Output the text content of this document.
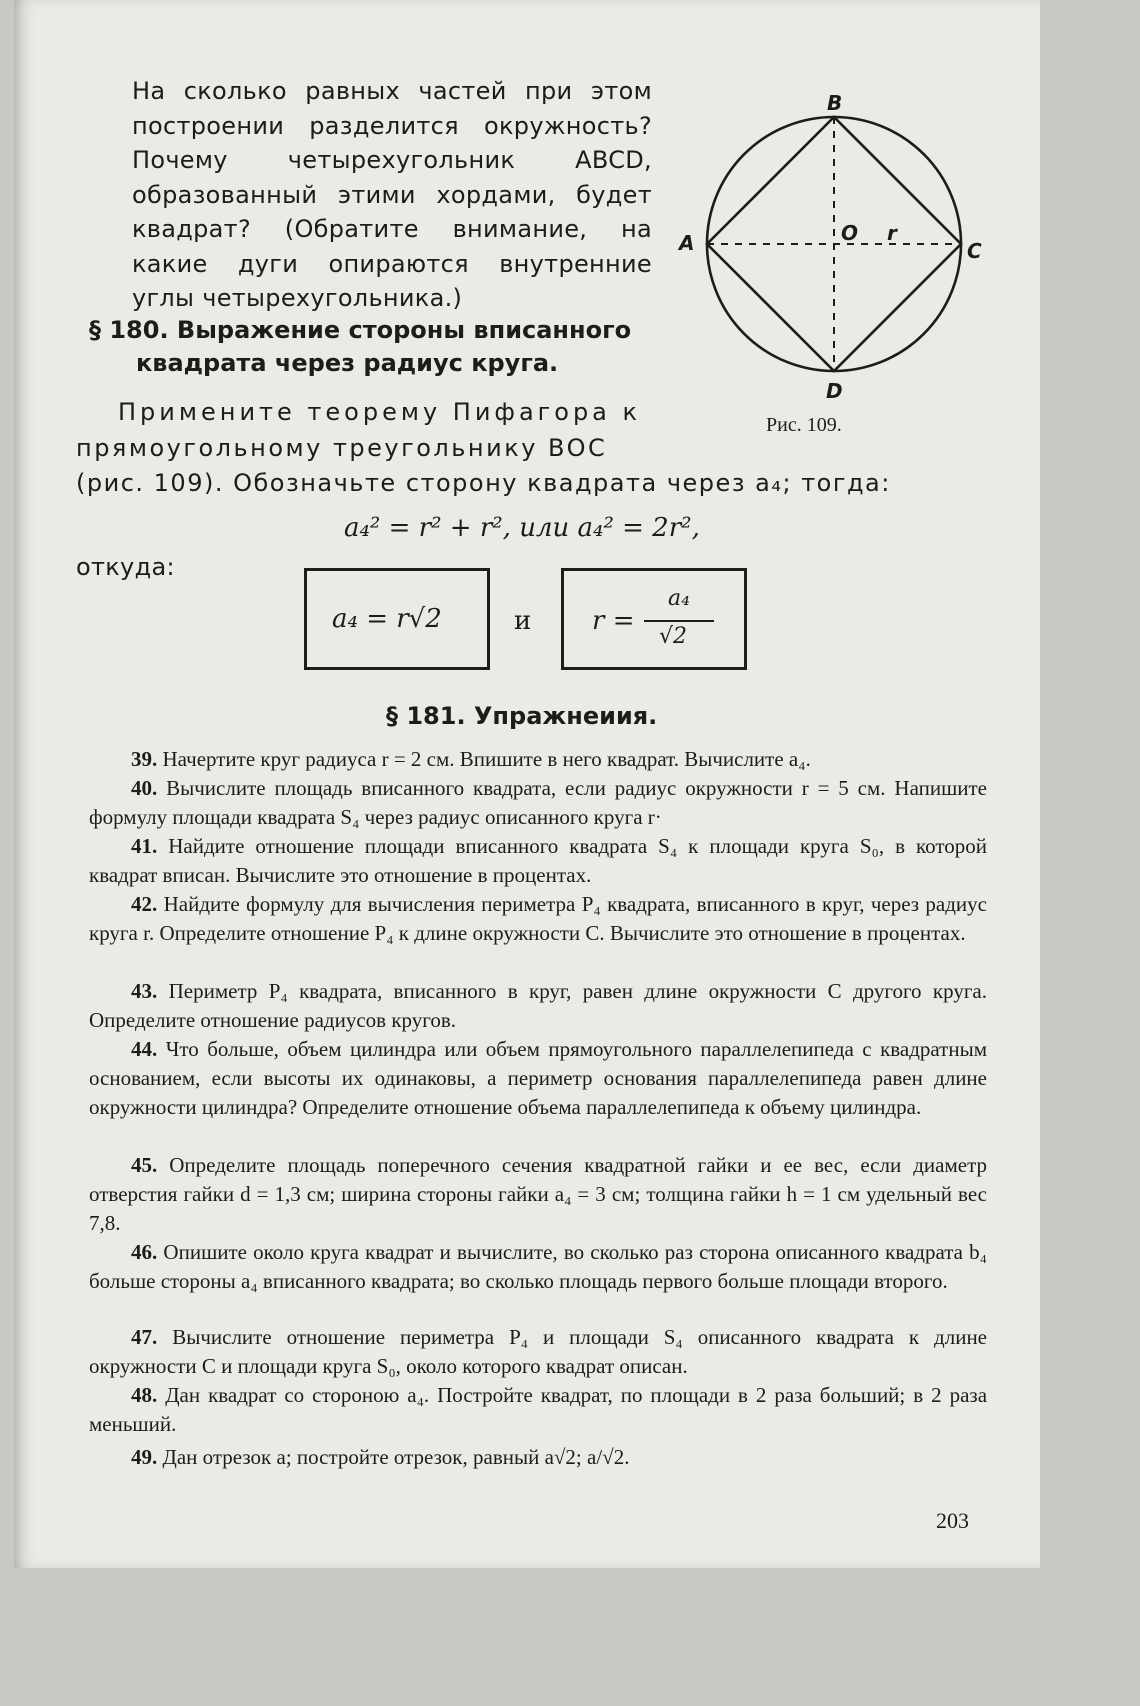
На сколько равных частей при этом построении разделится окружность? Почему четырехугольник ABCD, образованный этими хордами, будет квадрат? (Обратите внимание, на какие дуги опираются внутренние углы четырехугольника.)
B
A	C
D
O r
Рис. 109.
§ 180. Выражение стороны вписанного
квадрата через радиус круга.
Примените теорему Пифагора к
прямоугольному треугольнику BOC
(рис. 109). Обозначьте сторону квадрата через a₄; тогда:
a₄² = r² + r², или a₄² = 2r²,
откуда:
a₄ = r√2	и r =
a₄
√2
§ 181. Упражнеиия.
39. Начертите круг радиуса r = 2 см. Впишите в него квадрат. Вычислите a₄.
40. Вычислите площадь вписанного квадрата, если радиус окружности r = 5 см. Напишите формулу площади квадрата S₄ через радиус описанного круга r·
41. Найдите отношение площади вписанного квадрата S₄ к площади круга S₀, в которой квадрат вписан. Вычислите это отношение в процентах.
42. Найдите формулу для вычисления периметра P₄ квадрата, вписанного в круг, через радиус круга r. Определите отношение P₄ к длине окружности C. Вычислите это отношение в процентах.
43. Периметр P₄ квадрата, вписанного в круг, равен длине окружности C другого круга. Определите отношение радиусов кругов.
44. Что больше, объем цилиндра или объем прямоугольного параллелепипеда с квадратным основанием, если высоты их одинаковы, а периметр основания параллелепипеда равен длине окружности цилиндра? Определите отношение объема параллелепипеда к объему цилиндра.
45. Определите площадь поперечного сечения квадратной гайки и ее вес, если диаметр отверстия гайки d = 1,3 см; ширина стороны гайки a₄ = 3 см; толщина гайки h = 1 см удельный вес 7,8.
46. Опишите около круга квадрат и вычислите, во сколько раз сторона описанного квадрата b₄ больше стороны a₄ вписанного квадрата; во сколько площадь первого больше площади второго.
47. Вычислите отношение периметра P₄ и площади S₄ описанного квадрата к длине окружности C и площади круга S₀, около которого квадрат описан.
48. Дан квадрат со стороною a₄. Постройте квадрат, по площади в 2 раза больший; в 2 раза меньший.
49. Дан отрезок a; постройте отрезок, равный a√2; a/√2.
203
